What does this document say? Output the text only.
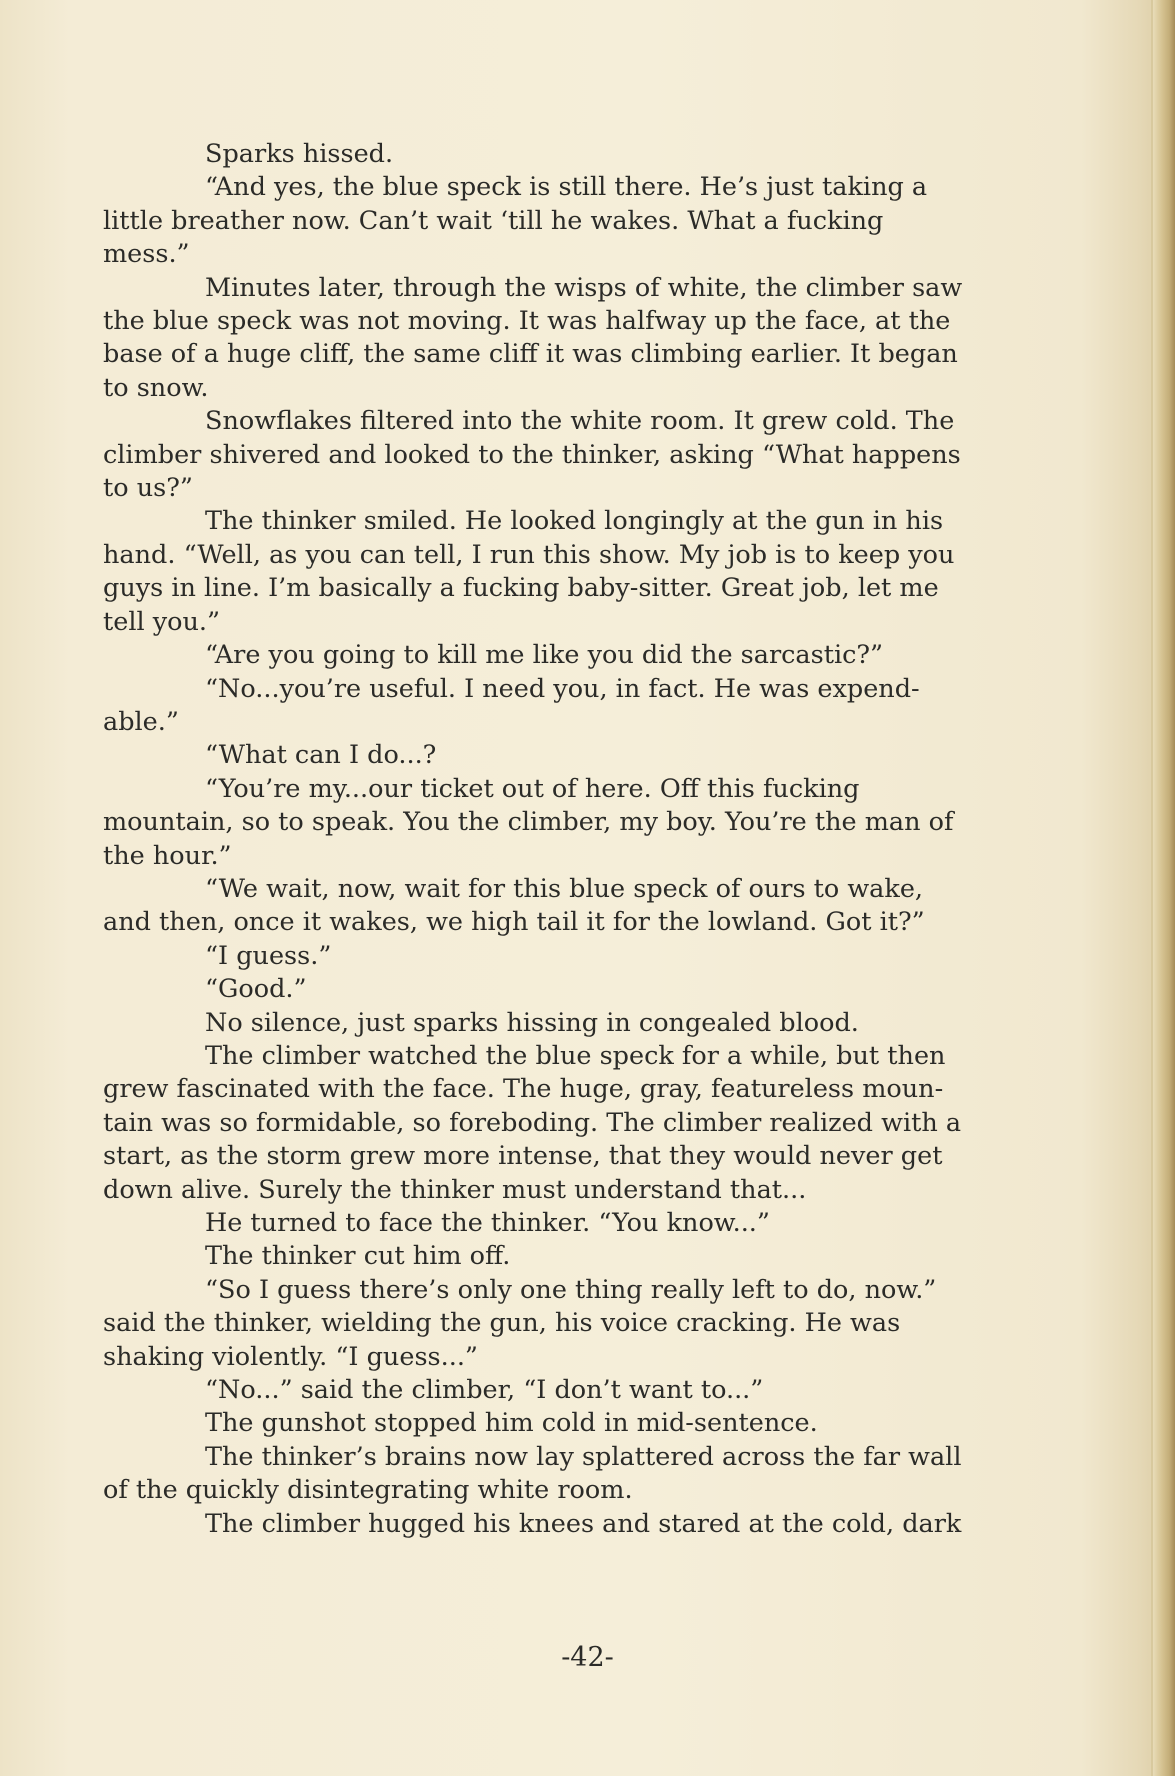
Sparks hissed.

“And yes, the blue speck is still there. He’s just taking a little breather now. Can’t wait ‘till he wakes. What a fucking mess.”

Minutes later, through the wisps of white, the climber saw the blue speck was not moving. It was halfway up the face, at the base of a huge cliff, the same cliff it was climbing earlier. It began to snow.

Snowflakes filtered into the white room. It grew cold. The climber shivered and looked to the thinker, asking “What happens to us?”

The thinker smiled. He looked longingly at the gun in his hand. “Well, as you can tell, I run this show. My job is to keep you guys in line. I’m basically a fucking baby-sitter. Great job, let me tell you.”

“Are you going to kill me like you did the sarcastic?”

“No...you’re useful. I need you, in fact. He was expend-able.”

“What can I do...?

“You’re my...our ticket out of here. Off this fucking mountain, so to speak. You the climber, my boy. You’re the man of the hour.”

“We wait, now, wait for this blue speck of ours to wake, and then, once it wakes, we high tail it for the lowland. Got it?”

“I guess.”

“Good.”

No silence, just sparks hissing in congealed blood.

The climber watched the blue speck for a while, but then grew fascinated with the face. The huge, gray, featureless moun-tain was so formidable, so foreboding. The climber realized with a start, as the storm grew more intense, that they would never get down alive. Surely the thinker must understand that...

He turned to face the thinker. “You know...”

The thinker cut him off.

“So I guess there’s only one thing really left to do, now.” said the thinker, wielding the gun, his voice cracking. He was shaking violently. “I guess...”

“No...” said the climber, “I don’t want to...”

The gunshot stopped him cold in mid-sentence.

The thinker’s brains now lay splattered across the far wall of the quickly disintegrating white room.

The climber hugged his knees and stared at the cold, dark

-42-
